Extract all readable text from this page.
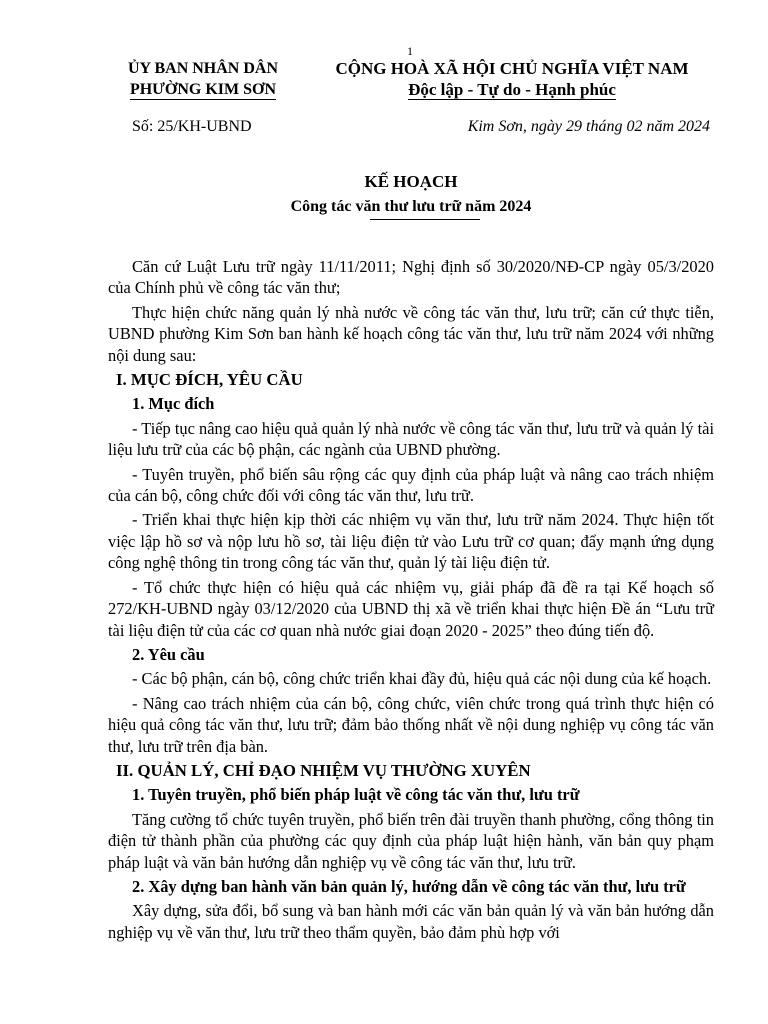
1
ỦY BAN NHÂN DÂN
PHƯỜNG KIM SƠN
CỘNG HOÀ XÃ HỘI CHỦ NGHĨA VIỆT NAM
Độc lập - Tự do - Hạnh phúc
Số: 25/KH-UBND	Kim Sơn, ngày 29 tháng 02 năm 2024
KẾ HOẠCH
Công tác văn thư lưu trữ năm 2024

Căn cứ Luật Lưu trữ ngày 11/11/2011; Nghị định số 30/2020/NĐ-CP ngày 05/3/2020 của Chính phủ về công tác văn thư;

Thực hiện chức năng quản lý nhà nước về công tác văn thư, lưu trữ; căn cứ thực tiễn, UBND phường Kim Sơn ban hành kế hoạch công tác văn thư, lưu trữ năm 2024 với những nội dung sau:

I. MỤC ĐÍCH, YÊU CẦU

1. Mục đích

- Tiếp tục nâng cao hiệu quả quản lý nhà nước về công tác văn thư, lưu trữ và quản lý tài liệu lưu trữ của các bộ phận, các ngành của UBND phường.

- Tuyên truyền, phổ biến sâu rộng các quy định của pháp luật và nâng cao trách nhiệm của cán bộ, công chức đối với công tác văn thư, lưu trữ.

- Triển khai thực hiện kịp thời các nhiệm vụ văn thư, lưu trữ năm 2024. Thực hiện tốt việc lập hồ sơ và nộp lưu hồ sơ, tài liệu điện tử vào Lưu trữ cơ quan; đẩy mạnh ứng dụng công nghệ thông tin trong công tác văn thư, quản lý tài liệu điện tử.

- Tổ chức thực hiện có hiệu quả các nhiệm vụ, giải pháp đã đề ra tại Kế hoạch số 272/KH-UBND ngày 03/12/2020 của UBND thị xã về triển khai thực hiện Đề án “Lưu trữ tài liệu điện tử của các cơ quan nhà nước giai đoạn 2020 - 2025” theo đúng tiến độ.

2. Yêu cầu

- Các bộ phận, cán bộ, công chức triển khai đầy đủ, hiệu quả các nội dung của kế hoạch.

- Nâng cao trách nhiệm của cán bộ, công chức, viên chức trong quá trình thực hiện có hiệu quả công tác văn thư, lưu trữ; đảm bảo thống nhất về nội dung nghiệp vụ công tác văn thư, lưu trữ trên địa bàn.

II. QUẢN LÝ, CHỈ ĐẠO NHIỆM VỤ THƯỜNG XUYÊN

1. Tuyên truyền, phổ biến pháp luật về công tác văn thư, lưu trữ

Tăng cường tổ chức tuyên truyền, phổ biến trên đài truyền thanh phường, cổng thông tin điện tử thành phần của phường các quy định của pháp luật hiện hành, văn bản quy phạm pháp luật và văn bản hướng dẫn nghiệp vụ về công tác văn thư, lưu trữ.

2. Xây dựng ban hành văn bản quản lý, hướng dẫn về công tác văn thư, lưu trữ

Xây dựng, sửa đổi, bổ sung và ban hành mới các văn bản quản lý và văn bản hướng dẫn nghiệp vụ về văn thư, lưu trữ theo thẩm quyền, bảo đảm phù hợp với
